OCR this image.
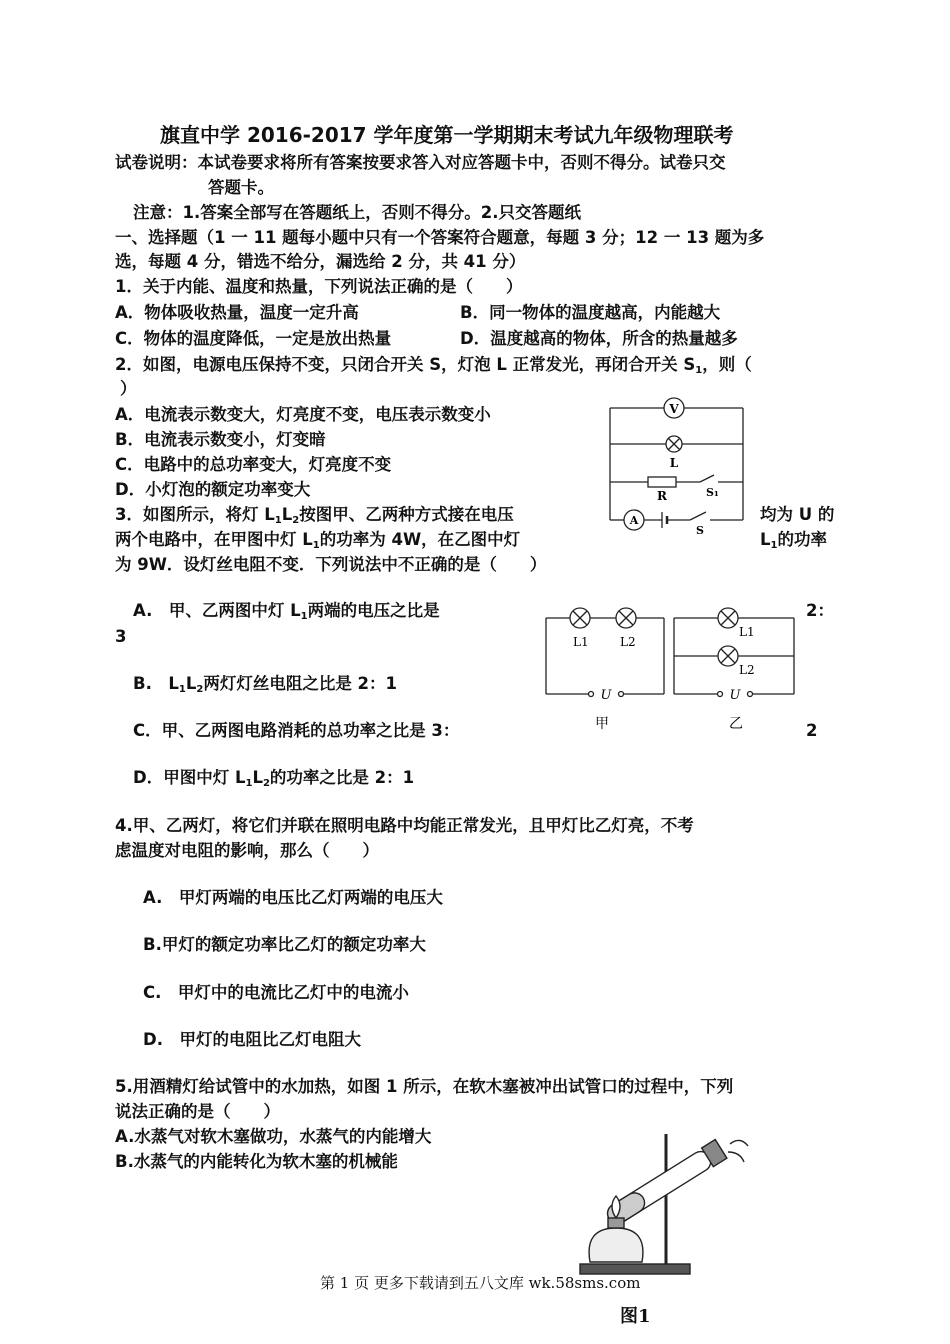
旗直中学 2016-2017 学年度第一学期期末考试九年级物理联考
试卷说明：本试卷要求将所有答案按要求答入对应答题卡中，否则不得分。试卷只交
答题卡。
注意：1.答案全部写在答题纸上，否则不得分。2.只交答题纸
一、选择题（1 一 11 题每小题中只有一个答案符合题意，每题 3 分；12 一 13 题为多
选，每题 4 分，错选不给分，漏选给 2 分，共 41 分）
1．关于内能、温度和热量，下列说法正确的是（　　）
A．物体吸收热量，温度一定升高	B．同一物体的温度越高，内能越大
C．物体的温度降低，一定是放出热量	D．温度越高的物体，所含的热量越多
2．如图，电源电压保持不变，只闭合开关 S，灯泡 L 正常发光，再闭合开关 $S_1$，则（
）
A．电流表示数变大，灯亮度不变，电压表示数变小
B．电流表示数变小，灯变暗
C．电路中的总功率变大，灯亮度不变
D．小灯泡的额定功率变大
V
L
R	S₁
A
S
3．如图所示，将灯 $L_1L_2$按图甲、乙两种方式接在电压	均为 U 的
两个电路中，在甲图中灯 $L_1$的功率为 4W，在乙图中灯	$L_1$的功率
为 9W．设灯丝电阻不变．下列说法中不正确的是（　　）
A.　甲、乙两图中灯 $L_1$两端的电压之比是	2：
3
B.　$L_1L_2$两灯灯丝电阻之比是 2：1
C．甲、乙两图电路消耗的总功率之比是 3：	2
D．甲图中灯 $L_1L_2$的功率之比是 2：1
L1	L2
L1
L2
U	U
甲	乙
4.甲、乙两灯，将它们并联在照明电路中均能正常发光，且甲灯比乙灯亮，不考
虑温度对电阻的影响，那么（　　）
A.　甲灯两端的电压比乙灯两端的电压大
B.甲灯的额定功率比乙灯的额定功率大
C.　甲灯中的电流比乙灯中的电流小
D.　甲灯的电阻比乙灯电阻大
5.用酒精灯给试管中的水加热，如图 1 所示，在软木塞被冲出试管口的过程中，下列
说法正确的是（　　）
A.水蒸气对软木塞做功，水蒸气的内能增大
B.水蒸气的内能转化为软木塞的机械能
图1
第 1 页 更多下载请到五八文库 wk.58sms.com
